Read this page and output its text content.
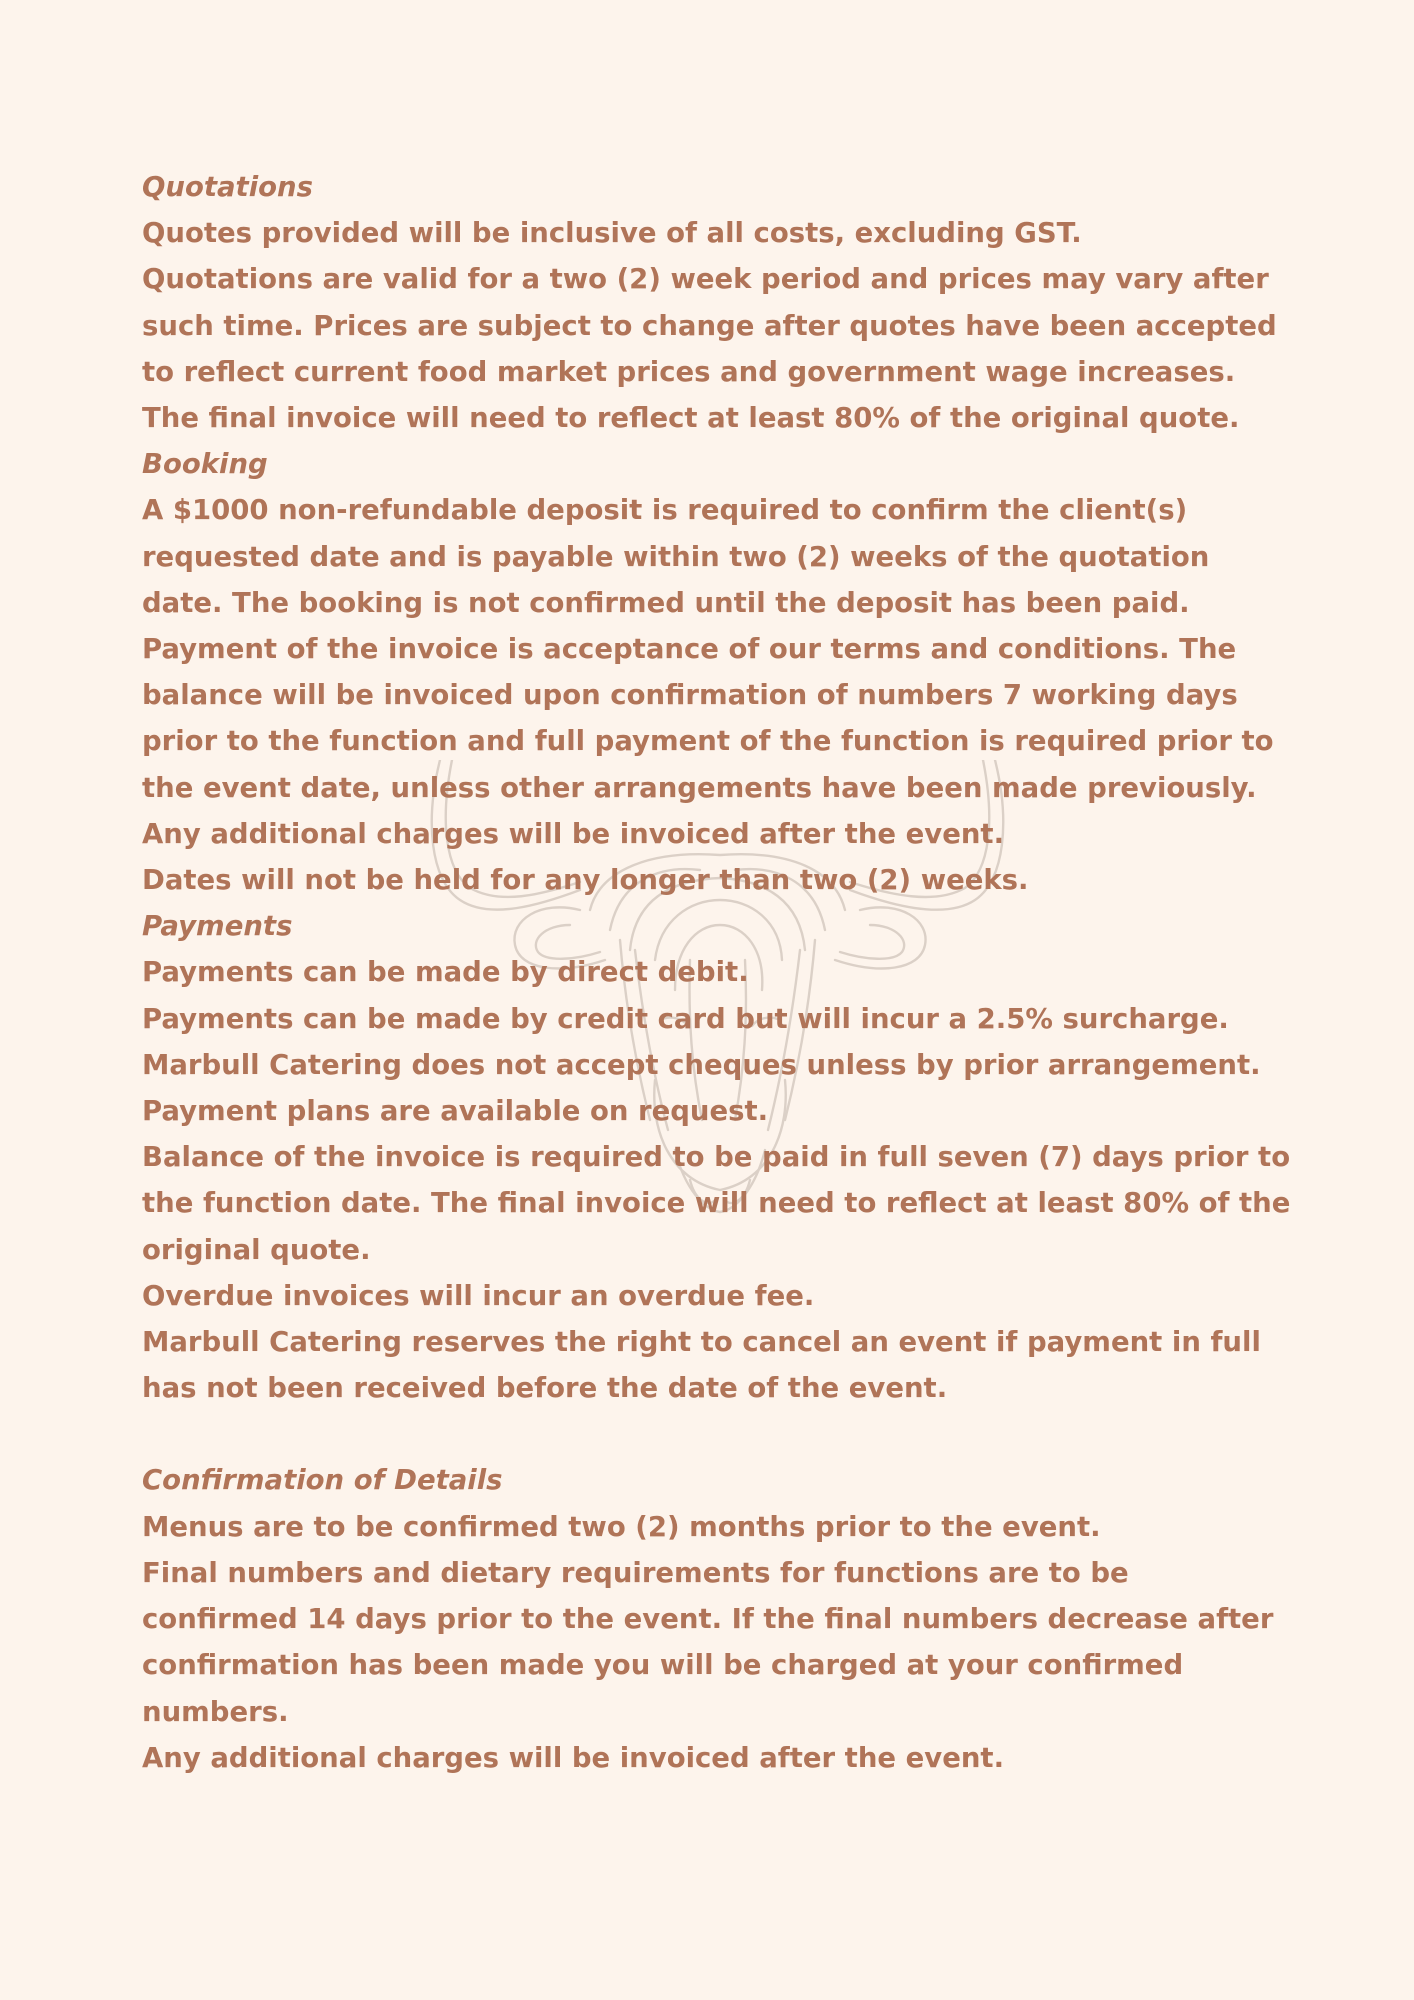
Quotations

Quotes provided will be inclusive of all costs, excluding GST.

Quotations are valid for a two (2) week period and prices may vary after such time. Prices are subject to change after quotes have been accepted to reflect current food market prices and government wage increases. The final invoice will need to reflect at least 80% of the original quote.

Booking

A $1000 non-refundable deposit is required to confirm the client(s) requested date and is payable within two (2) weeks of the quotation date. The booking is not confirmed until the deposit has been paid. Payment of the invoice is acceptance of our terms and conditions. The balance will be invoiced upon confirmation of numbers 7 working days prior to the function and full payment of the function is required prior to the event date, unless other arrangements have been made previously. Any additional charges will be invoiced after the event.

Dates will not be held for any longer than two (2) weeks.

Payments

Payments can be made by direct debit.

Payments can be made by credit card but will incur a 2.5% surcharge.

Marbull Catering does not accept cheques unless by prior arrangement.

Payment plans are available on request.

Balance of the invoice is required to be paid in full seven (7) days prior to the function date. The final invoice will need to reflect at least 80% of the original quote.

Overdue invoices will incur an overdue fee.

Marbull Catering reserves the right to cancel an event if payment in full has not been received before the date of the event.

Confirmation of Details

Menus are to be confirmed two (2) months prior to the event.

Final numbers and dietary requirements for functions are to be confirmed 14 days prior to the event. If the final numbers decrease after confirmation has been made you will be charged at your confirmed numbers.

Any additional charges will be invoiced after the event.
